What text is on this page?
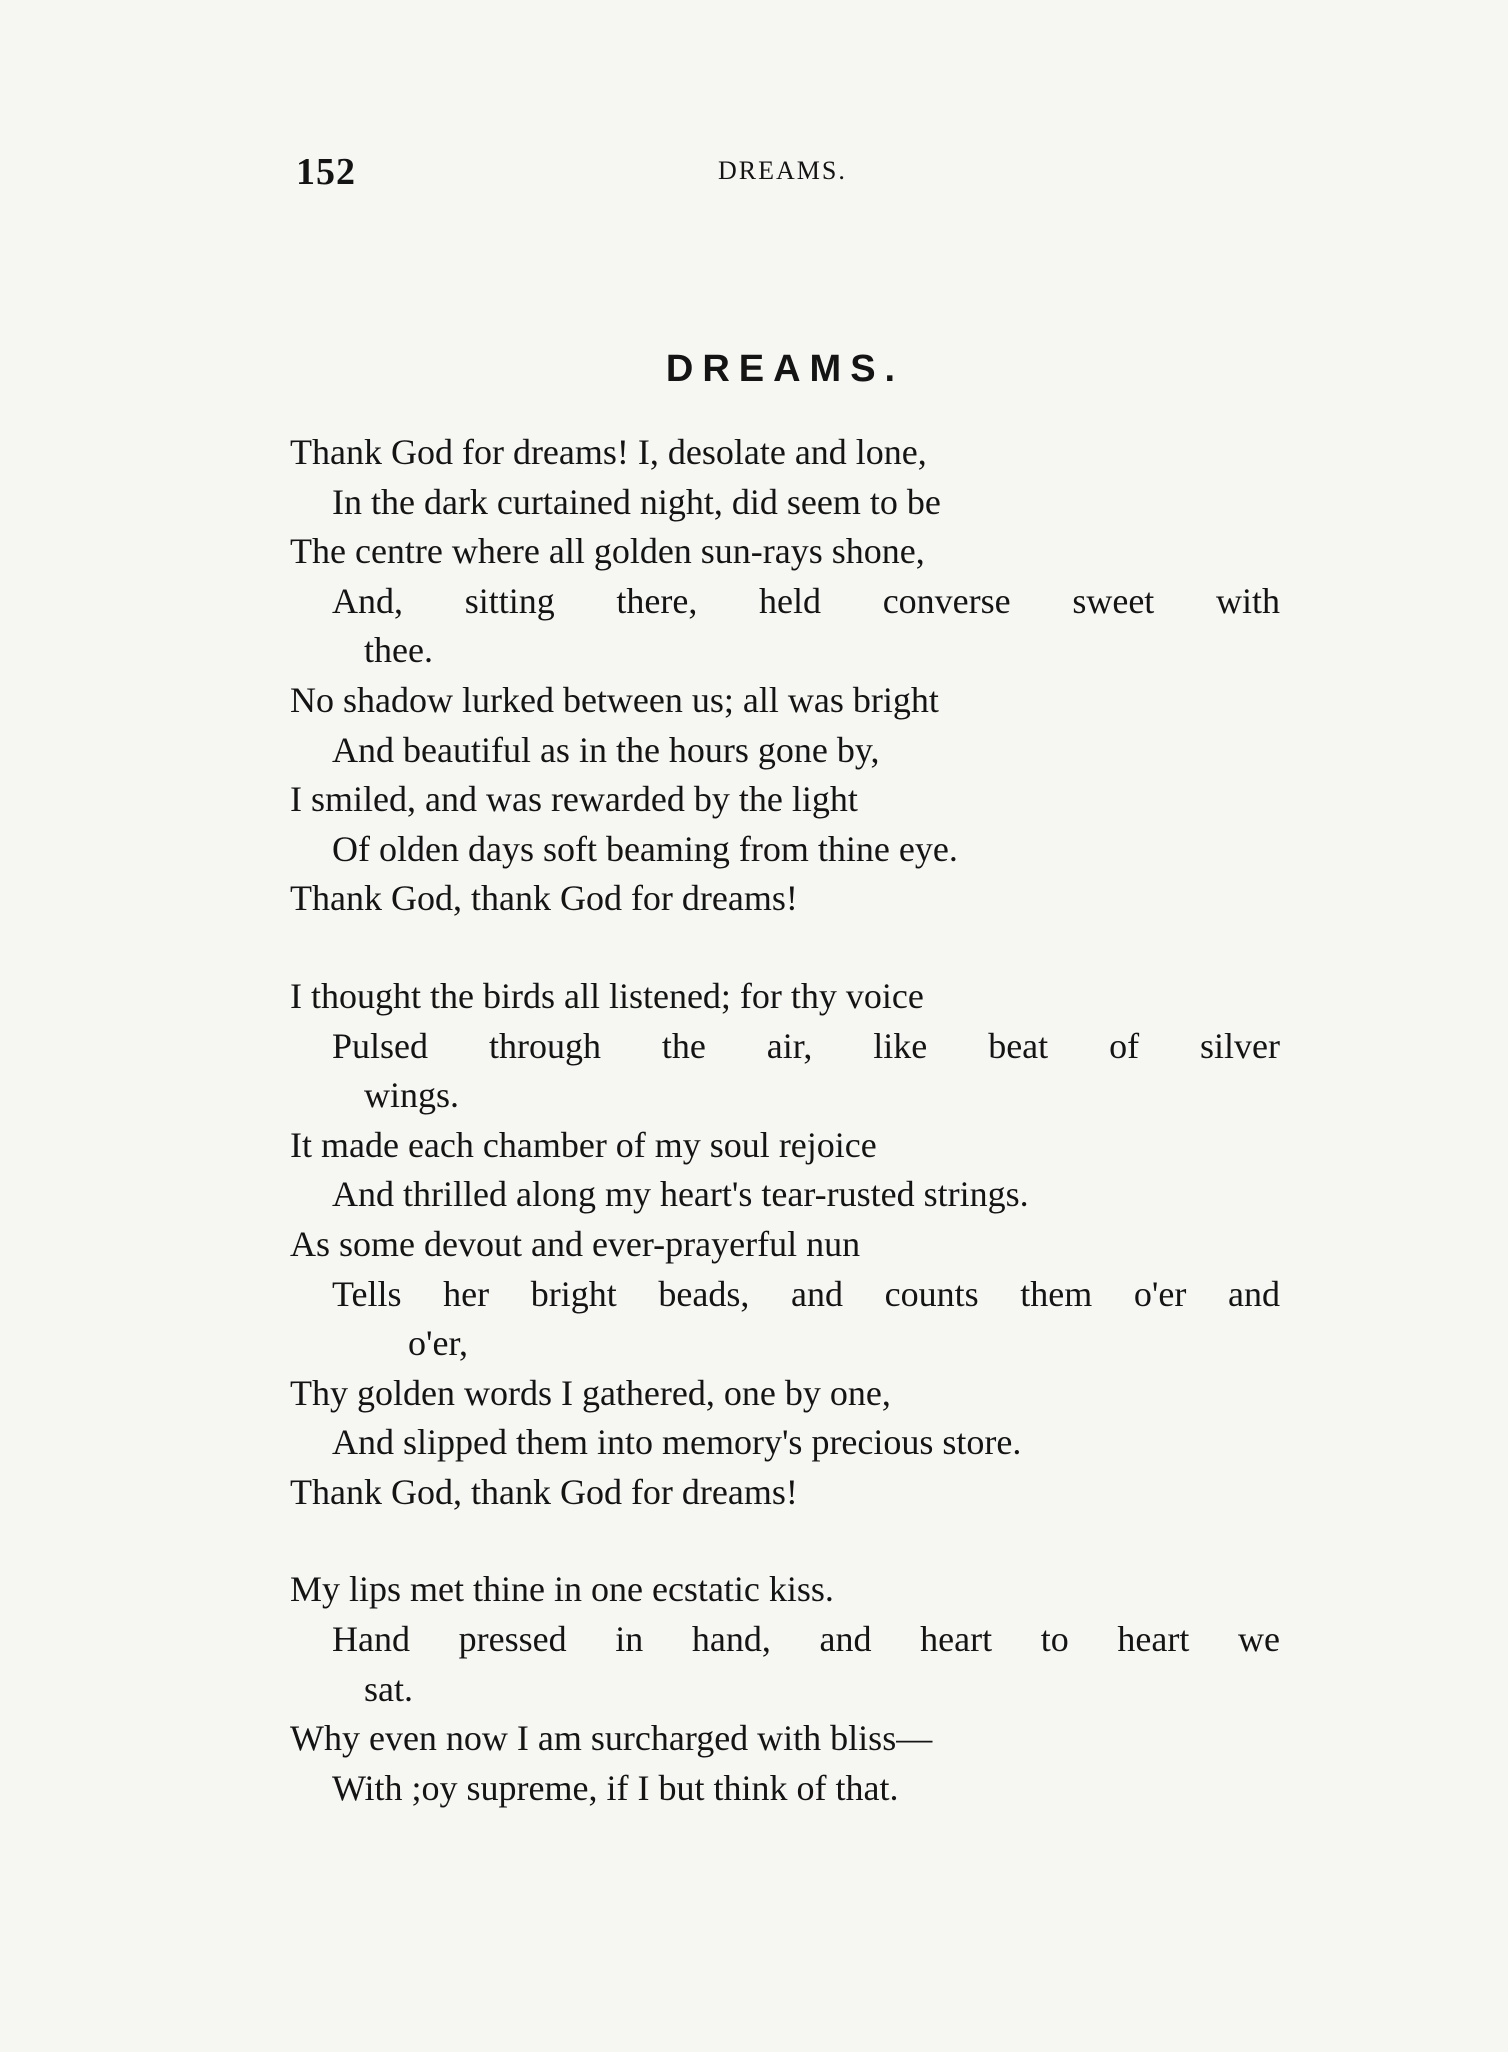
152	DREAMS.
DREAMS.
Thank God for dreams! I, desolate and lone,
In the dark curtained night, did seem to be
The centre where all golden sun-rays shone,
And, sitting there, held converse sweet with
thee.
No shadow lurked between us; all was bright
And beautiful as in the hours gone by,
I smiled, and was rewarded by the light
Of olden days soft beaming from thine eye.
Thank God, thank God for dreams!
I thought the birds all listened; for thy voice
Pulsed through the air, like beat of silver
wings.
It made each chamber of my soul rejoice
And thrilled along my heart's tear-rusted strings.
As some devout and ever-prayerful nun
Tells her bright beads, and counts them o'er and
o'er,
Thy golden words I gathered, one by one,
And slipped them into memory's precious store.
Thank God, thank God for dreams!
My lips met thine in one ecstatic kiss.
Hand pressed in hand, and heart to heart we
sat.
Why even now I am surcharged with bliss—
With ;oy supreme, if I but think of that.
